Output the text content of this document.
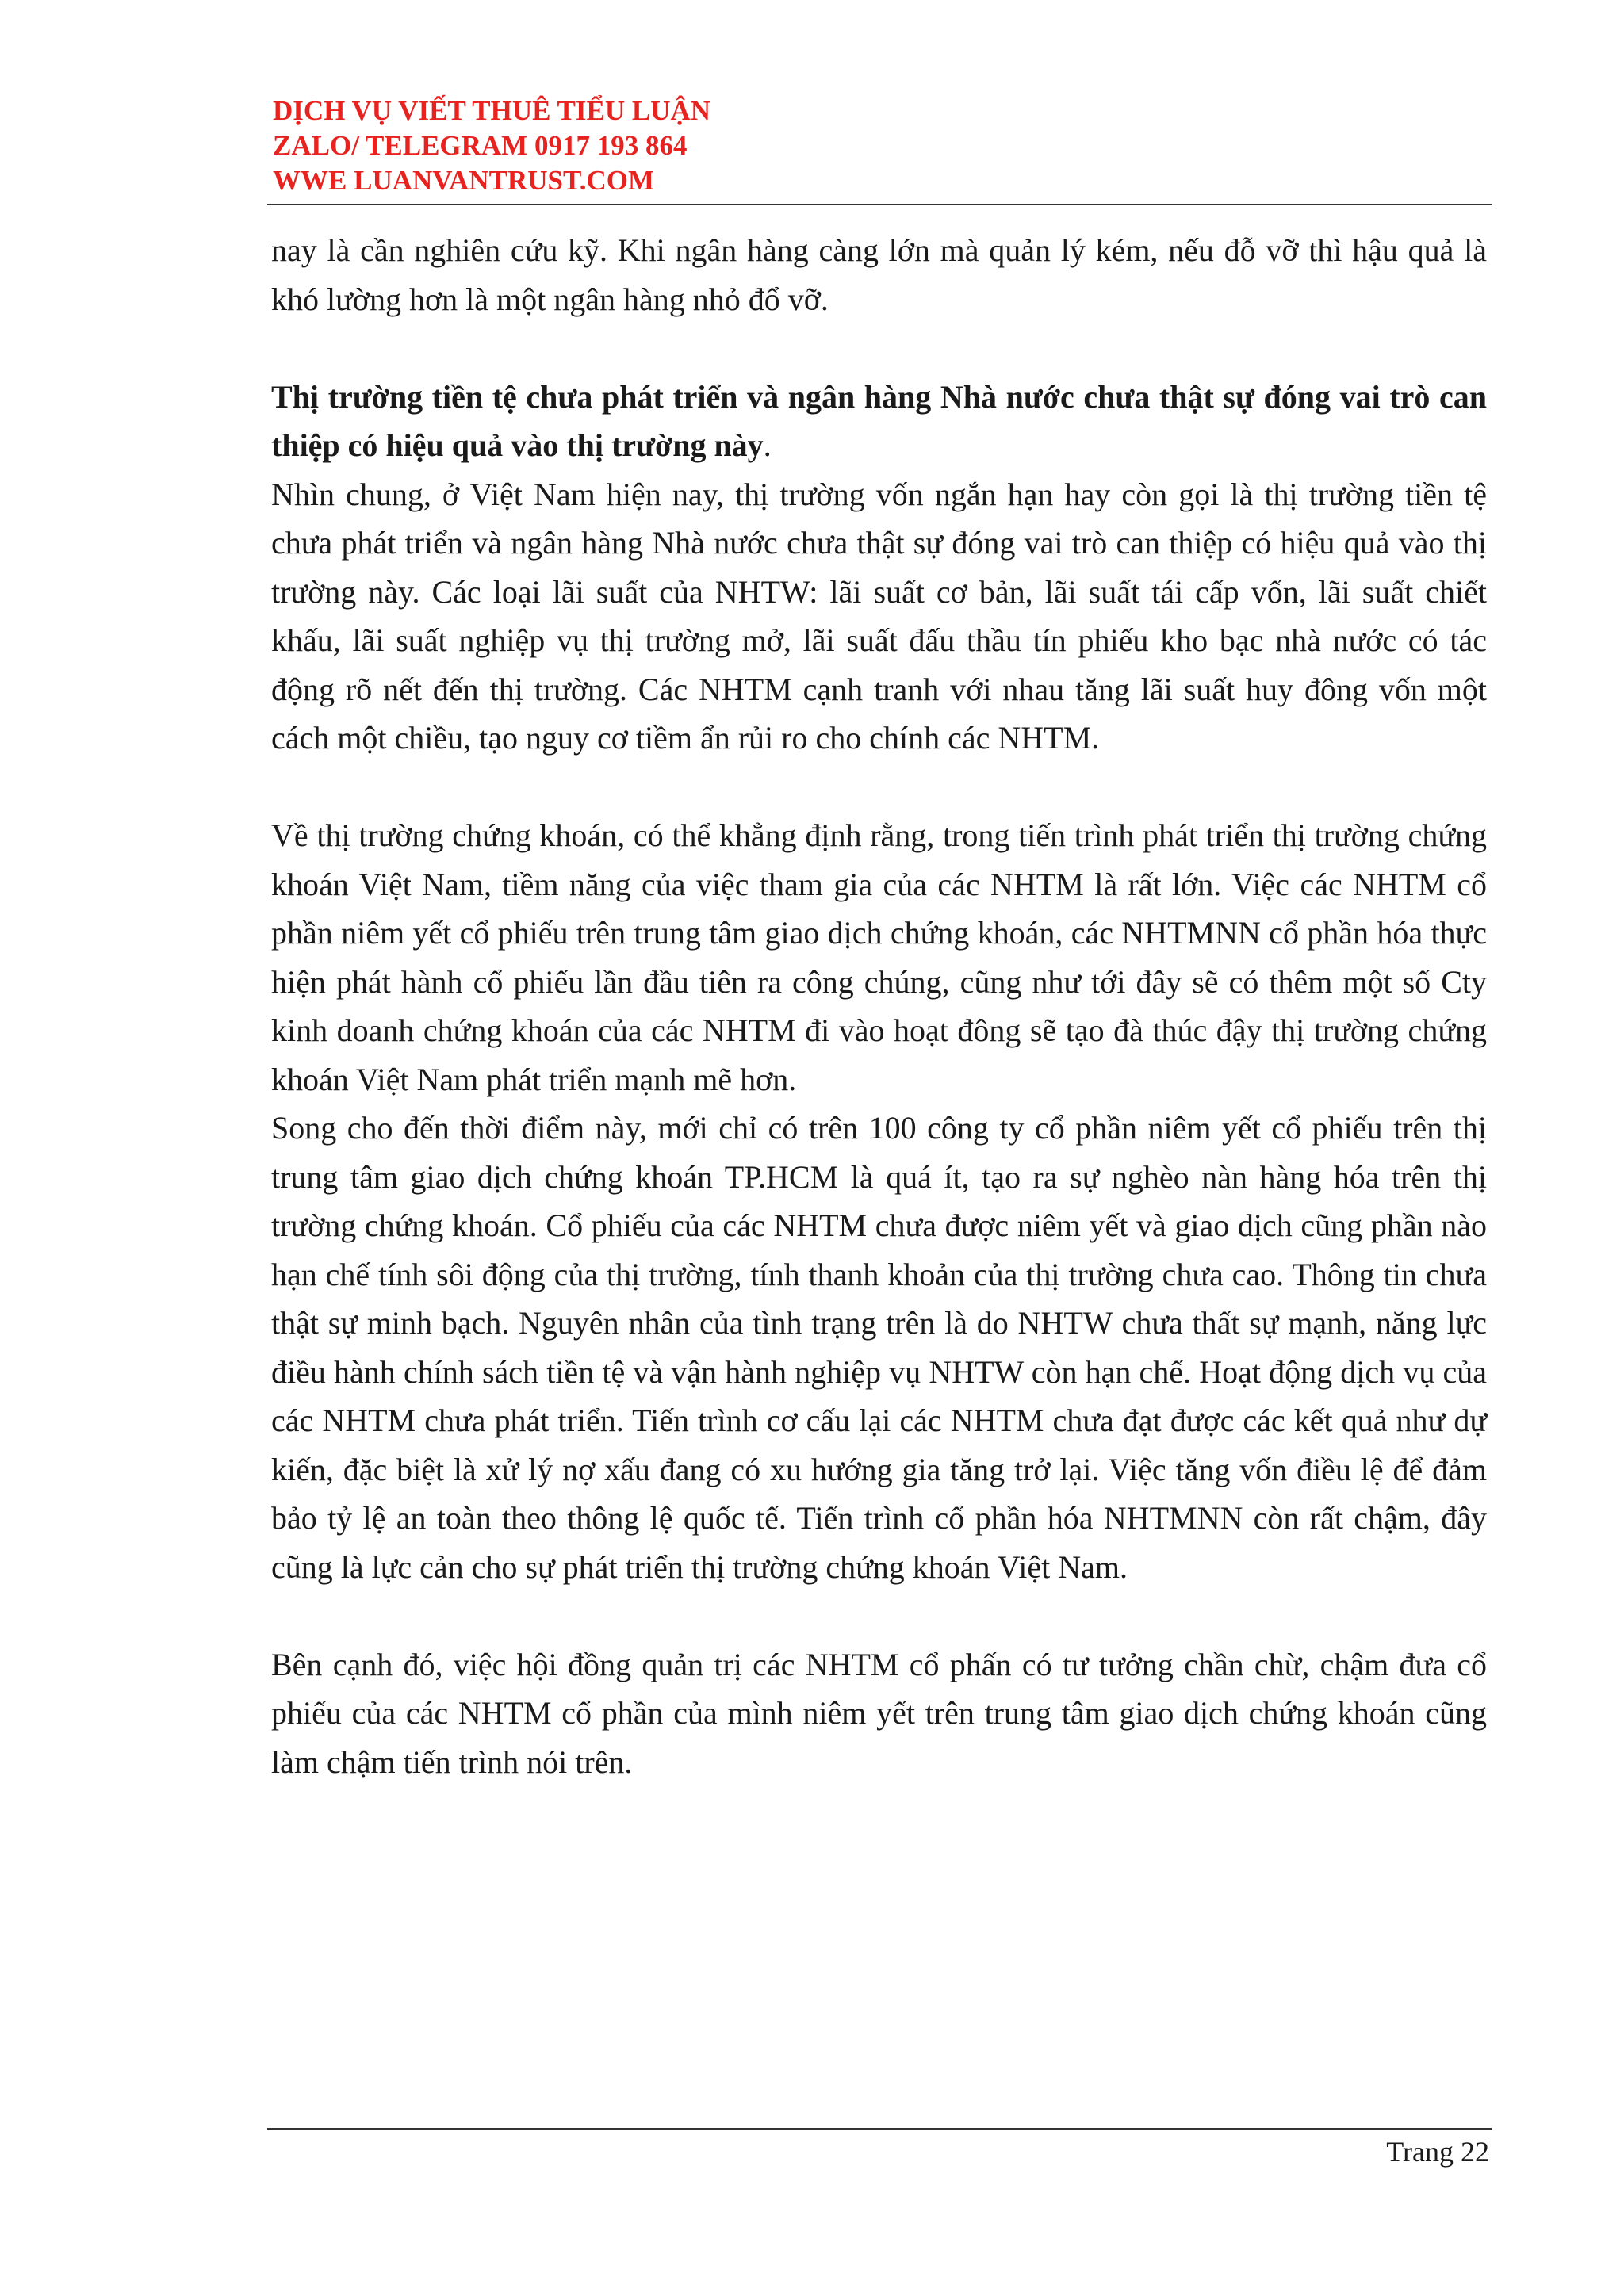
DỊCH VỤ VIẾT THUÊ TIỂU LUẬN
ZALO/ TELEGRAM 0917 193 864
WWE LUANVANTRUST.COM

nay là cần nghiên cứu kỹ. Khi ngân hàng càng lớn mà quản lý kém, nếu đỗ vỡ thì hậu quả là khó lường hơn là một ngân hàng nhỏ đổ vỡ.

Thị trường tiền tệ chưa phát triển và ngân hàng Nhà nước chưa thật sự đóng vai trò can thiệp có hiệu quả vào thị trường này.

Nhìn chung, ở Việt Nam hiện nay, thị trường vốn ngắn hạn hay còn gọi là thị trường tiền tệ chưa phát triển và ngân hàng Nhà nước chưa thật sự đóng vai trò can thiệp có hiệu quả vào thị trường này. Các loại lãi suất của NHTW: lãi suất cơ bản, lãi suất tái cấp vốn, lãi suất chiết khấu, lãi suất nghiệp vụ thị trường mở, lãi suất đấu thầu tín phiếu kho bạc nhà nước có tác động rõ nết đến thị trường. Các NHTM cạnh tranh với nhau tăng lãi suất huy đông vốn một cách một chiều, tạo nguy cơ tiềm ẩn rủi ro cho chính các NHTM.

Về thị trường chứng khoán, có thể khẳng định rằng, trong tiến trình phát triển thị trường chứng khoán Việt Nam, tiềm năng của việc tham gia của các NHTM là rất lớn. Việc các NHTM cổ phần niêm yết cổ phiếu trên trung tâm giao dịch chứng khoán, các NHTMNN cổ phần hóa thực hiện phát hành cổ phiếu lần đầu tiên ra công chúng, cũng như tới đây sẽ có thêm một số Cty kinh doanh chứng khoán của các NHTM đi vào hoạt đông sẽ tạo đà thúc đậy thị trường chứng khoán Việt Nam phát triển mạnh mẽ hơn.

Song cho đến thời điểm này, mới chỉ có trên 100 công ty cổ phần niêm yết cổ phiếu trên thị trung tâm giao dịch chứng khoán TP.HCM là quá ít, tạo ra sự nghèo nàn hàng hóa trên thị trường chứng khoán. Cổ phiếu của các NHTM chưa được niêm yết và giao dịch cũng phần nào hạn chế tính sôi động của thị trường, tính thanh khoản của thị trường chưa cao. Thông tin chưa thật sự minh bạch. Nguyên nhân của tình trạng trên là do NHTW chưa thất sự mạnh, năng lực điều hành chính sách tiền tệ và vận hành nghiệp vụ NHTW còn hạn chế. Hoạt động dịch vụ của các NHTM chưa phát triển. Tiến trình cơ cấu lại các NHTM chưa đạt được các kết quả như dự kiến, đặc biệt là xử lý nợ xấu đang có xu hướng gia tăng trở lại. Việc tăng vốn điều lệ để đảm bảo tỷ lệ an toàn theo thông lệ quốc tế. Tiến trình cổ phần hóa NHTMNN còn rất chậm, đây cũng là lực cản cho sự phát triển thị trường chứng khoán Việt Nam.

Bên cạnh đó, việc hội đồng quản trị các NHTM cổ phấn có tư tưởng chần chừ, chậm đưa cổ phiếu của các NHTM cổ phần của mình niêm yết trên trung tâm giao dịch chứng khoán cũng làm chậm tiến trình nói trên.

Trang 22
